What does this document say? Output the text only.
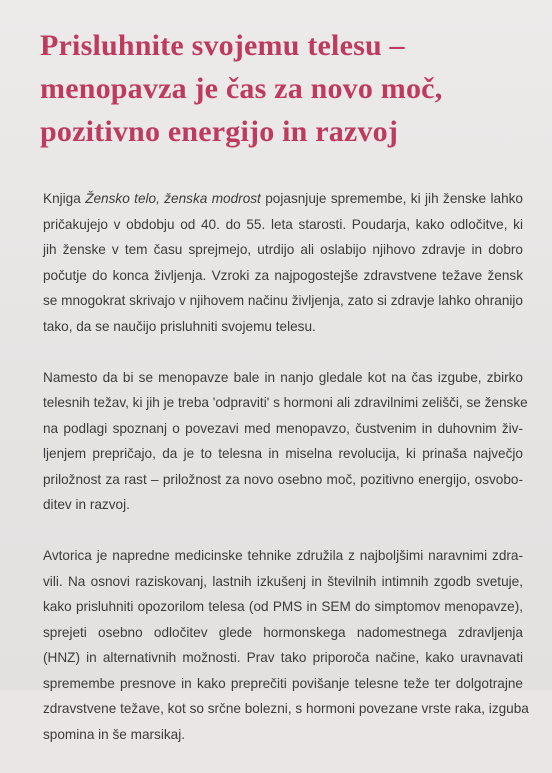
Prisluhnite svojemu telesu –
menopavza je čas za novo moč,
pozitivno energijo in razvoj

Knjiga Žensko telo, ženska modrost pojasnjuje spremembe, ki jih ženske lahko
pričakujejo v obdobju od 40. do 55. leta starosti. Poudarja, kako odločitve, ki
jih ženske v tem času sprejmejo, utrdijo ali oslabijo njihovo zdravje in dobro
počutje do konca življenja. Vzroki za najpogostejše zdravstvene težave žensk
se mnogokrat skrivajo v njihovem načinu življenja, zato si zdravje lahko ohranijo
tako, da se naučijo prisluhniti svojemu telesu.

Namesto da bi se menopavze bale in nanjo gledale kot na čas izgube, zbirko
telesnih težav, ki jih je treba 'odpraviti' s hormoni ali zdravilnimi zelišči, se ženske
na podlagi spoznanj o povezavi med menopavzo, čustvenim in duhovnim živ-
ljenjem prepričajo, da je to telesna in miselna revolucija, ki prinaša največjo
priložnost za rast – priložnost za novo osebno moč, pozitivno energijo, osvobo-
ditev in razvoj.

Avtorica je napredne medicinske tehnike združila z najboljšimi naravnimi zdra-
vili. Na osnovi raziskovanj, lastnih izkušenj in številnih intimnih zgodb svetuje,
kako prisluhniti opozorilom telesa (od PMS in SEM do simptomov menopavze),
sprejeti osebno odločitev glede hormonskega nadomestnega zdravljenja
(HNZ) in alternativnih možnosti. Prav tako priporoča načine, kako uravnavati
spremembe presnove in kako preprečiti povišanje telesne teže ter dolgotrajne
zdravstvene težave, kot so srčne bolezni, s hormoni povezane vrste raka, izguba
spomina in še marsikaj.
